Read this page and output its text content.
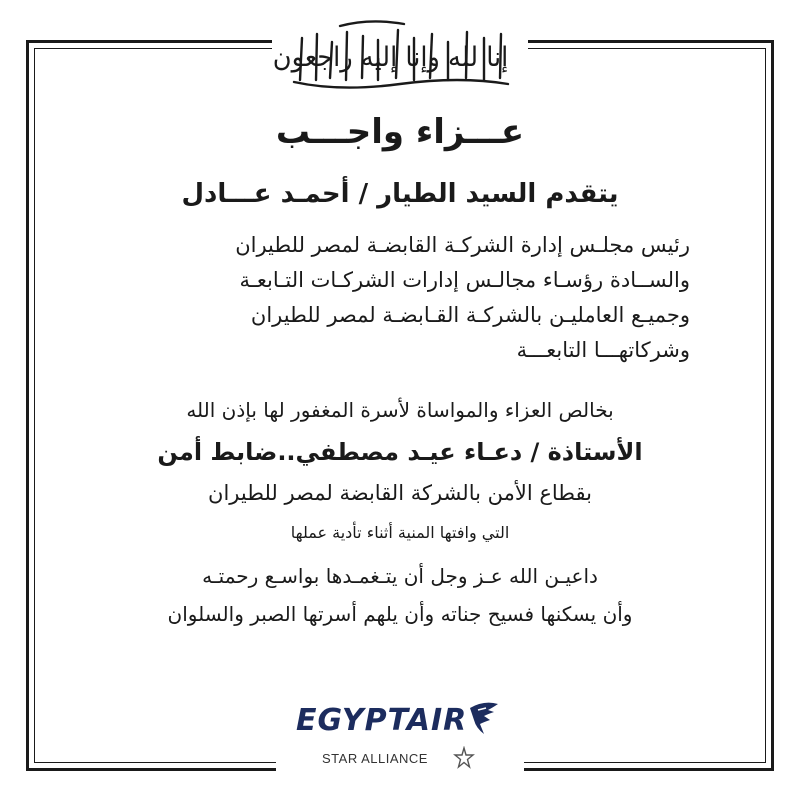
إنا لله وإنا إليه راجعون
عـــزاء واجـــب
يتقدم السيد الطيار / أحمـد عـــادل
رئيس مجلـس إدارة الشركـة القابضـة لمصر للطيران
والســادة رؤسـاء مجالـس إدارات الشركـات التـابعـة
وجميـع العامليـن بالشركـة القـابضـة لمصر للطيران
وشركاتهـــا التابعـــة
بخالص العزاء والمواساة لأسرة المغفور لها بإذن الله
الأستاذة / دعـاء عيـد مصطفي..ضابط أمن
بقطاع الأمن بالشركة القابضة لمصر للطيران
التي وافتها المنية أثناء تأدية عملها
داعيـن الله عـز وجل أن يتـغمـدها بواسـع رحمتـه
وأن يسكنها فسيح جناته وأن يلهم أسرتها الصبر والسلوان
EGYPTAIR
STAR ALLIANCE
